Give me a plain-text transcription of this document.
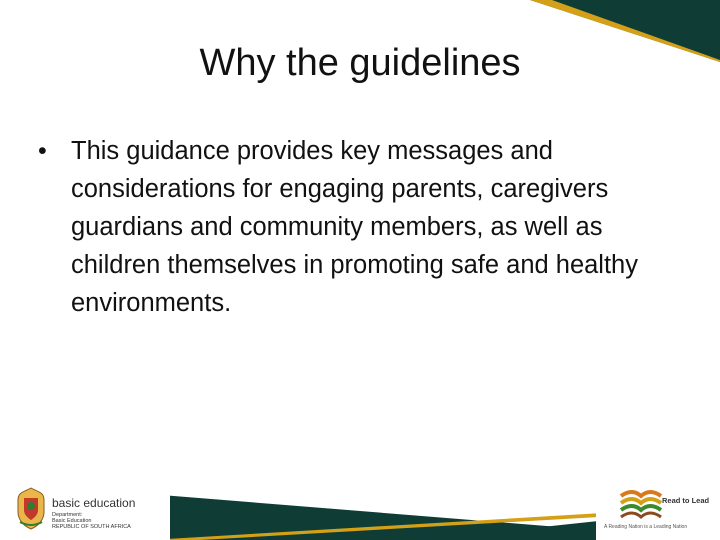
Why the guidelines
• This guidance provides key messages and considerations for engaging parents, caregivers guardians and community members, as well as children themselves in promoting safe and healthy environments.
basic education
Department:
Basic Education
REPUBLIC OF SOUTH AFRICA
Read to Lead
A Reading Nation is a Leading Nation
